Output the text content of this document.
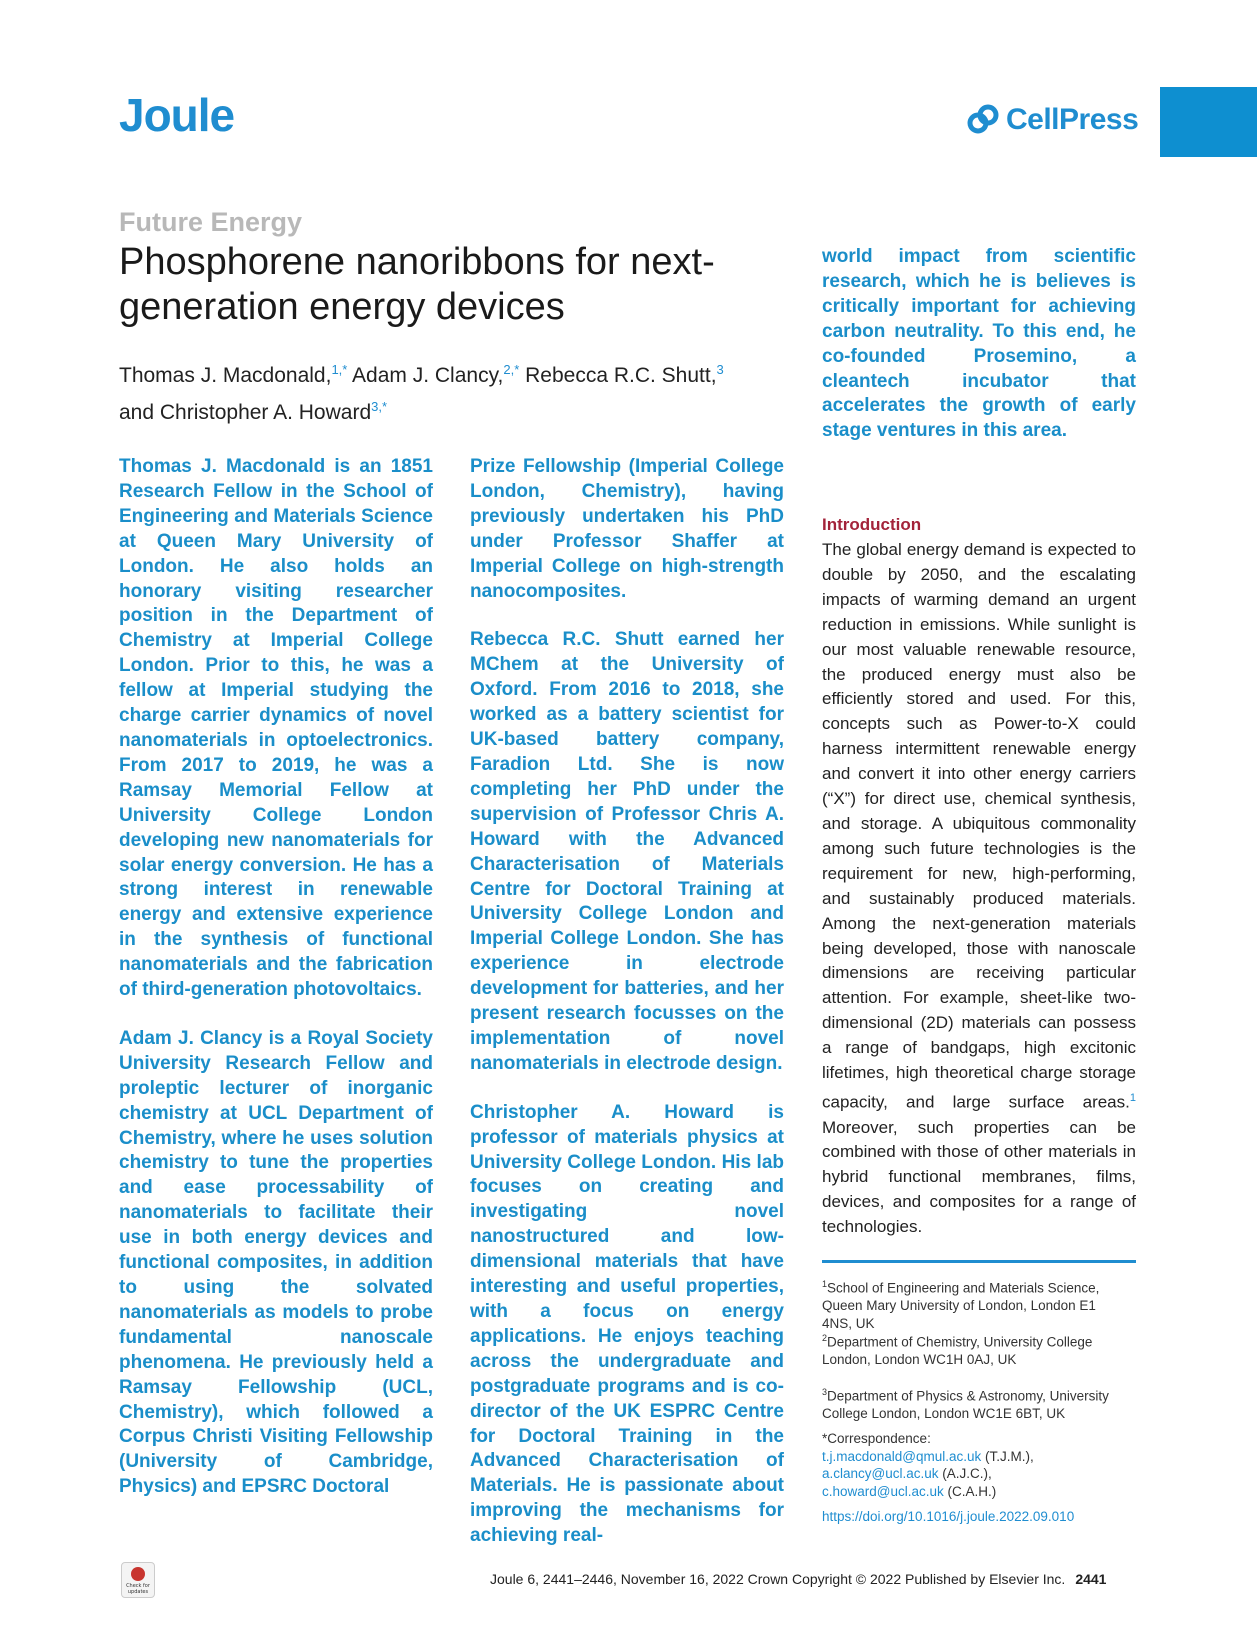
Joule	CellPress
Future Energy
Phosphorene nanoribbons for next-generation energy devices
Thomas J. Macdonald,$^{1,*}$ Adam J. Clancy,$^{2,*}$ Rebecca R.C. Shutt,$^3$
and Christopher A. Howard$^{3,*}$

Thomas J. Macdonald is an 1851 Research Fellow in the School of Engineering and Materials Science at Queen Mary University of London. He also holds an honorary visiting researcher position in the Department of Chemistry at Imperial College London. Prior to this, he was a fellow at Imperial studying the charge carrier dynamics of novel nanomaterials in optoelectronics. From 2017 to 2019, he was a Ramsay Memorial Fellow at University College London developing new nanomaterials for solar energy conversion. He has a strong interest in renewable energy and extensive experience in the synthesis of functional nanomaterials and the fabrication of third-generation photovoltaics.

Adam J. Clancy is a Royal Society University Research Fellow and proleptic lecturer of inorganic chemistry at UCL Department of Chemistry, where he uses solution chemistry to tune the properties and ease processability of nanomaterials to facilitate their use in both energy devices and functional composites, in addition to using the solvated nanomaterials as models to probe fundamental nanoscale phenomena. He previously held a Ramsay Fellowship (UCL, Chemistry), which followed a Corpus Christi Visiting Fellowship (University of Cambridge, Physics) and EPSRC Doctoral

Prize Fellowship (Imperial College London, Chemistry), having previously undertaken his PhD under Professor Shaffer at Imperial College on high-strength nanocomposites.

Rebecca R.C. Shutt earned her MChem at the University of Oxford. From 2016 to 2018, she worked as a battery scientist for UK-based battery company, Faradion Ltd. She is now completing her PhD under the supervision of Professor Chris A. Howard with the Advanced Characterisation of Materials Centre for Doctoral Training at University College London and Imperial College London. She has experience in electrode development for batteries, and her present research focusses on the implementation of novel nanomaterials in electrode design.

Christopher A. Howard is professor of materials physics at University College London. His lab focuses on creating and investigating novel nanostructured and low-dimensional materials that have interesting and useful properties, with a focus on energy applications. He enjoys teaching across the undergraduate and postgraduate programs and is co-director of the UK ESPRC Centre for Doctoral Training in the Advanced Characterisation of Materials. He is passionate about improving the mechanisms for achieving real-

world impact from scientific research, which he is believes is critically important for achieving carbon neutrality. To this end, he co-founded Prosemino, a cleantech incubator that accelerates the growth of early stage ventures in this area.

Introduction
The global energy demand is expected to double by 2050, and the escalating impacts of warming demand an urgent reduction in emissions. While sunlight is our most valuable renewable resource, the produced energy must also be efficiently stored and used. For this, concepts such as Power-to-X could harness intermittent renewable energy and convert it into other energy carriers (“X”) for direct use, chemical synthesis, and storage. A ubiquitous commonality among such future technologies is the requirement for new, high-performing, and sustainably produced materials. Among the next-generation materials being developed, those with nanoscale dimensions are receiving particular attention. For example, sheet-like two-dimensional (2D) materials can possess a range of bandgaps, high excitonic lifetimes, high theoretical charge storage capacity, and large surface areas.$^1$ Moreover, such properties can be combined with those of other materials in hybrid functional membranes, films, devices, and composites for a range of technologies.
$^1$School of Engineering and Materials Science, Queen Mary University of London, London E1 4NS, UK
$^2$Department of Chemistry, University College London, London WC1H 0AJ, UK
$^3$Department of Physics & Astronomy, University College London, London WC1E 6BT, UK
*Correspondence:
t.j.macdonald@qmul.ac.uk (T.J.M.),
a.clancy@ucl.ac.uk (A.J.C.),
c.howard@ucl.ac.uk (C.A.H.)
https://doi.org/10.1016/j.joule.2022.09.010
Check for updates
Joule 6, 2441–2446, November 16, 2022 Crown Copyright © 2022 Published by Elsevier Inc. 2441
